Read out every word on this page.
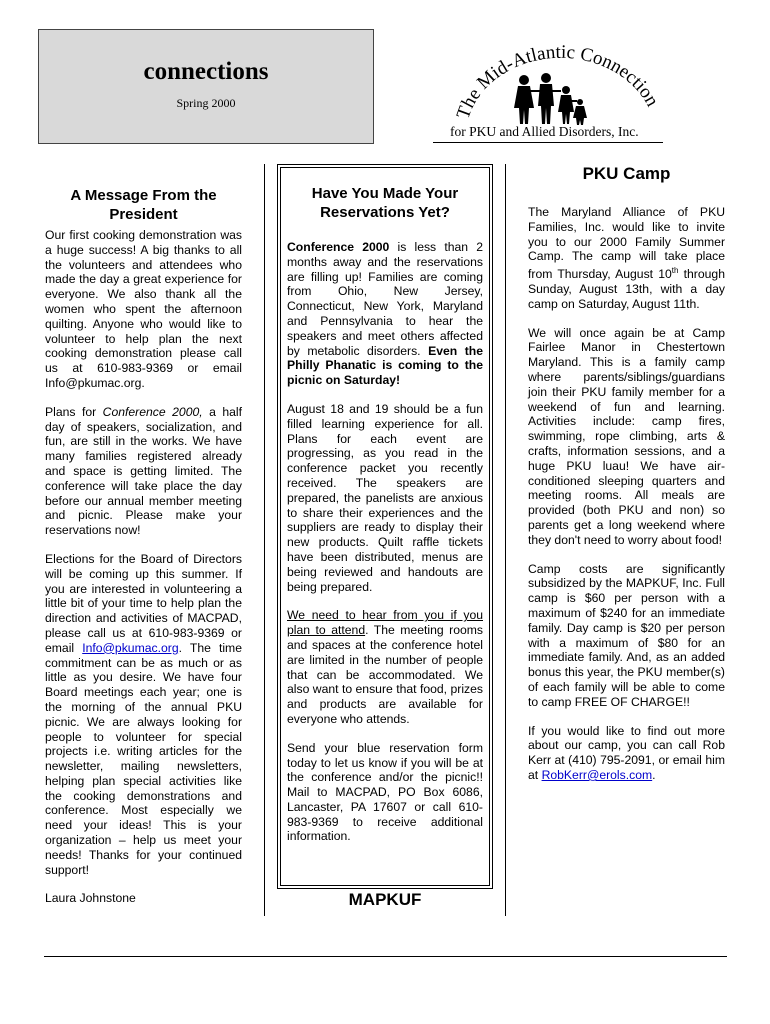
connections
Spring 2000
The Mid-Atlantic Connection
for PKU and Allied Disorders, Inc.
A Message From the President

Our first cooking demonstration was a huge success! A big thanks to all the volunteers and attendees who made the day a great experience for everyone. We also thank all the women who spent the afternoon quilting. Anyone who would like to volunteer to help plan the next cooking demonstration please call us at 610-983-9369 or email Info@pkumac.org.

Plans for Conference 2000, a half day of speakers, socialization, and fun, are still in the works. We have many families registered already and space is getting limited. The conference will take place the day before our annual member meeting and picnic. Please make your reservations now!

Elections for the Board of Directors will be coming up this summer. If you are interested in volunteering a little bit of your time to help plan the direction and activities of MACPAD, please call us at 610-983-9369 or email Info@pkumac.org. The time commitment can be as much or as little as you desire. We have four Board meetings each year; one is the morning of the annual PKU picnic. We are always looking for people to volunteer for special projects i.e. writing articles for the newsletter, mailing newsletters, helping plan special activities like the cooking demonstrations and conference. Most especially we need your ideas! This is your organization – help us meet your needs! Thanks for your continued support!

Laura Johnstone

Have You Made Your Reservations Yet?

Conference 2000 is less than 2 months away and the reservations are filling up! Families are coming from Ohio, New Jersey, Connecticut, New York, Maryland and Pennsylvania to hear the speakers and meet others affected by metabolic disorders. Even the Philly Phanatic is coming to the picnic on Saturday!

August 18 and 19 should be a fun filled learning experience for all. Plans for each event are progressing, as you read in the conference packet you recently received. The speakers are prepared, the panelists are anxious to share their experiences and the suppliers are ready to display their new products. Quilt raffle tickets have been distributed, menus are being reviewed and handouts are being prepared.

We need to hear from you if you plan to attend. The meeting rooms and spaces at the conference hotel are limited in the number of people that can be accommodated. We also want to ensure that food, prizes and products are available for everyone who attends.

Send your blue reservation form today to let us know if you will be at the conference and/or the picnic!! Mail to MACPAD, PO Box 6086, Lancaster, PA 17607 or call 610-983-9369 to receive additional information.

MAPKUF
PKU Camp

The Maryland Alliance of PKU Families, Inc. would like to invite you to our 2000 Family Summer Camp. The camp will take place from Thursday, August 10th through Sunday, August 13th, with a day camp on Saturday, August 11th.

We will once again be at Camp Fairlee Manor in Chestertown Maryland. This is a family camp where parents/siblings/guardians join their PKU family member for a weekend of fun and learning. Activities include: camp fires, swimming, rope climbing, arts & crafts, information sessions, and a huge PKU luau! We have air-conditioned sleeping quarters and meeting rooms. All meals are provided (both PKU and non) so parents get a long weekend where they don't need to worry about food!

Camp costs are significantly subsidized by the MAPKUF, Inc. Full camp is $60 per person with a maximum of $240 for an immediate family. Day camp is $20 per person with a maximum of $80 for an immediate family. And, as an added bonus this year, the PKU member(s) of each family will be able to come to camp FREE OF CHARGE!!

If you would like to find out more about our camp, you can call Rob Kerr at (410) 795-2091, or email him at RobKerr@erols.com.
